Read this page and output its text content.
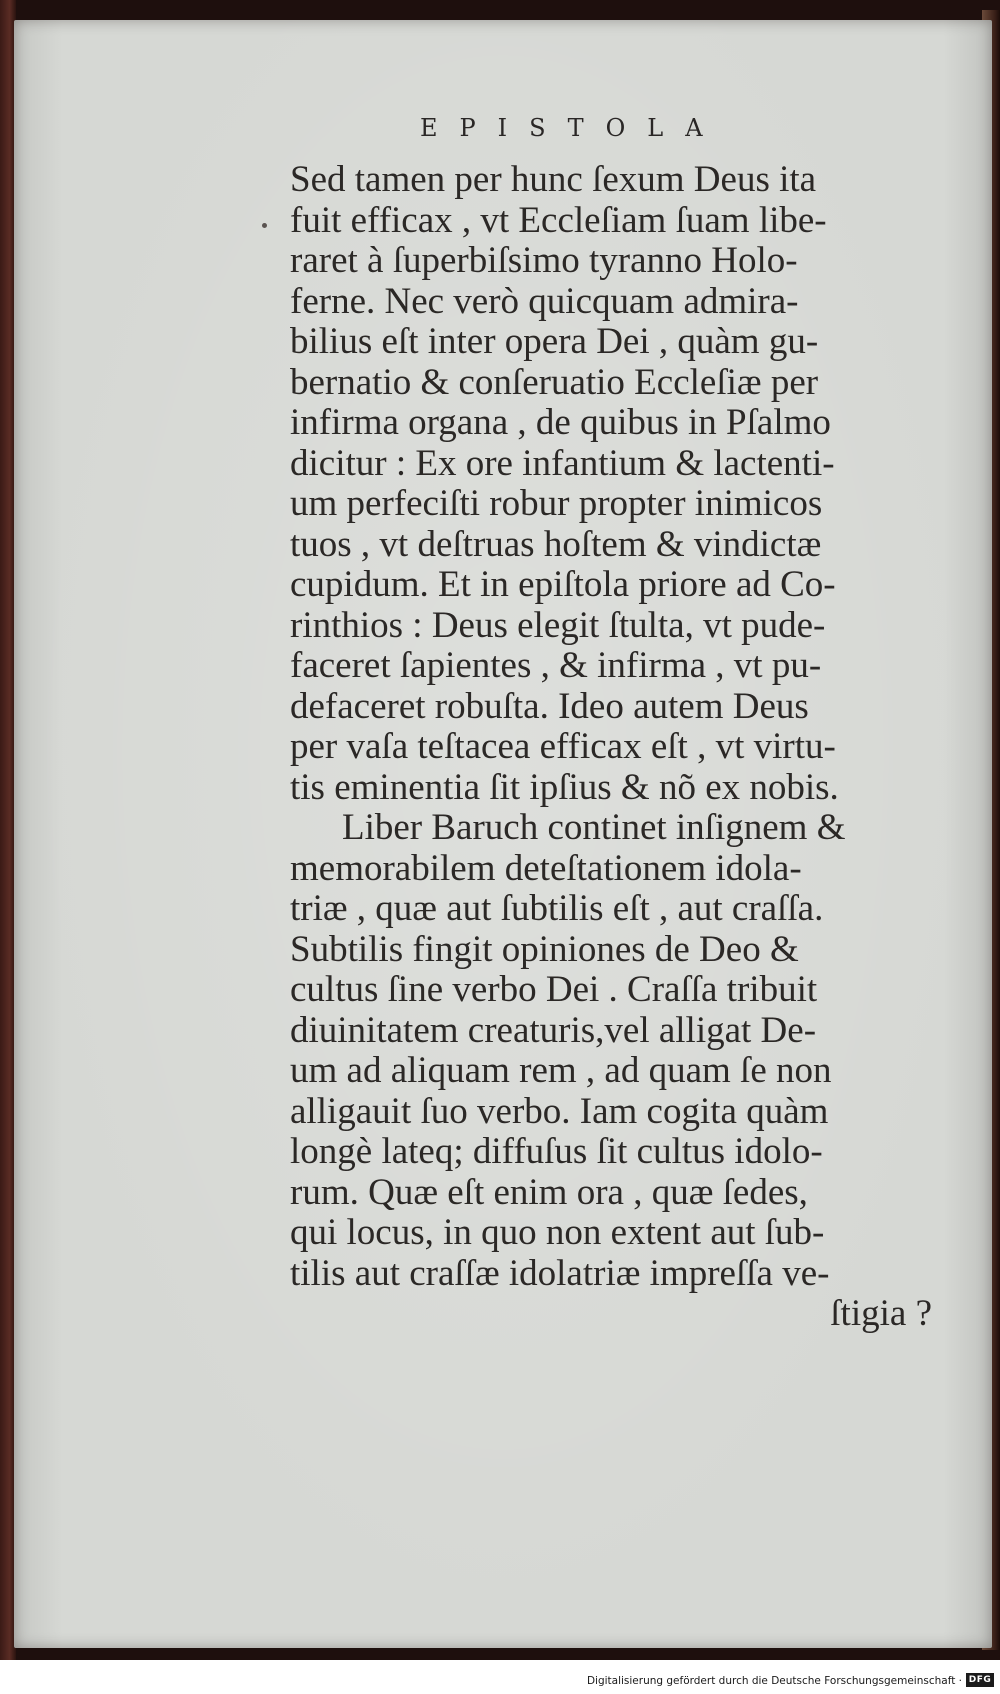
EPISTOLA
Sed tamen per hunc ſexum Deus ita
fuit efficax , vt Eccleſiam ſuam libe-
raret à ſuperbiſsimo tyranno Holo-
ferne. Nec verò quicquam admira-
bilius eſt inter opera Dei , quàm gu-
bernatio & conſeruatio Eccleſiæ per
infirma organa , de quibus in Pſalmo
dicitur : Ex ore infantium & lactenti-
um perfeciſti robur propter inimicos
tuos , vt deſtruas hoſtem & vindictæ
cupidum. Et in epiſtola priore ad Co-
rinthios : Deus elegit ſtulta, vt pude-
faceret ſapientes , & infirma , vt pu-
defaceret robuſta. Ideo autem Deus
per vaſa teſtacea efficax eſt , vt virtu-
tis eminentia ſit ipſius & nõ ex nobis.
Liber Baruch continet inſignem &
memorabilem deteſtationem idola-
triæ , quæ aut ſubtilis eſt , aut craſſa.
Subtilis fingit opiniones de Deo &
cultus ſine verbo Dei . Craſſa tribuit
diuinitatem creaturis,vel alligat De-
um ad aliquam rem , ad quam ſe non
alligauit ſuo verbo. Iam cogita quàm
longè lateq; diffuſus ſit cultus idolo-
rum. Quæ eſt enim ora , quæ ſedes,
qui locus, in quo non extent aut ſub-
tilis aut craſſæ idolatriæ impreſſa ve-
ſtigia ?
Digitalisierung gefördert durch die Deutsche Forschungsgemeinschaft · DFG
